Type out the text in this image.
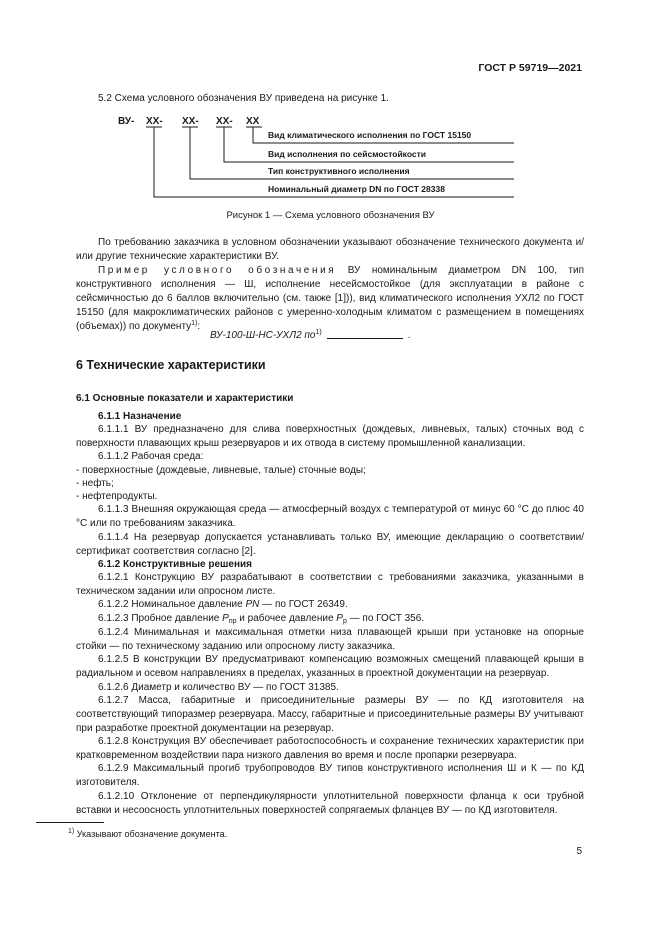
ГОСТ Р 59719—2021

5.2 Схема условного обозначения ВУ приведена на рисунке 1.

ВУ- ХХ- ХХ- ХХ- ХХ
Вид климатического исполнения по ГОСТ 15150
Вид исполнения по сейсмостойкости
Тип конструктивного исполнения
Номинальный диаметр DN по ГОСТ 28338
Рисунок 1 — Схема условного обозначения ВУ

По требованию заказчика в условном обозначении указывают обозначение технического документа и/или другие технические характеристики ВУ.

Пример условного обозначения ВУ номинальным диаметром DN 100, тип конструктивного исполнения — Ш, исполнение несейсмостойкое (для эксплуатации в районе с сейсмичностью до 6 баллов включительно (см. также [1])), вид климатического исполнения УХЛ2 по ГОСТ 15150 (для макроклиматических районов с умеренно-холодным климатом с размещением в помещениях (объемах)) по документу$^{1)}$:

ВУ-100-Ш-НС-УХЛ2 $по^{1)}$	.

6 Технические характеристики
6.1 Основные показатели и характеристики
6.1.1 Назначение

6.1.1.1 ВУ предназначено для слива поверхностных (дождевых, ливневых, талых) сточных вод с поверхности плавающих крыш резервуаров и их отвода в систему промышленной канализации.

6.1.1.2 Рабочая среда:

- поверхностные (дождевые, ливневые, талые) сточные воды;

- нефть;

- нефтепродукты.

6.1.1.3 Внешняя окружающая среда — атмосферный воздух с температурой от минус 60 °С до плюс 40 °С или по требованиям заказчика.

6.1.1.4 На резервуар допускается устанавливать только ВУ, имеющие декларацию о соответствии/сертификат соответствия согласно [2].

6.1.2 Конструктивные решения

6.1.2.1 Конструкцию ВУ разрабатывают в соответствии с требованиями заказчика, указанными в техническом задании или опросном листе.

6.1.2.2 Номинальное давление PN — по ГОСТ 26349.

6.1.2.3 Пробное давление $P_{пр}$ и рабочее давление $P_р$ — по ГОСТ 356.

6.1.2.4 Минимальная и максимальная отметки низа плавающей крыши при установке на опорные стойки — по техническому заданию или опросному листу заказчика.

6.1.2.5 В конструкции ВУ предусматривают компенсацию возможных смещений плавающей крыши в радиальном и осевом направлениях в пределах, указанных в проектной документации на резервуар.

6.1.2.6 Диаметр и количество ВУ — по ГОСТ 31385.

6.1.2.7 Масса, габаритные и присоединительные размеры ВУ — по КД изготовителя на соответствующий типоразмер резервуара. Массу, габаритные и присоединительные размеры ВУ учитывают при разработке проектной документации на резервуар.

6.1.2.8 Конструкция ВУ обеспечивает работоспособность и сохранение технических характеристик при кратковременном воздействии пара низкого давления во время и после пропарки резервуара.

6.1.2.9 Максимальный прогиб трубопроводов ВУ типов конструктивного исполнения Ш и К — по КД изготовителя.

6.1.2.10 Отклонение от перпендикулярности уплотнительной поверхности фланца к оси трубной вставки и несоосность уплотнительных поверхностей сопрягаемых фланцев ВУ — по КД изготовителя.

$^{1)}$ Указывают обозначение документа.
5
